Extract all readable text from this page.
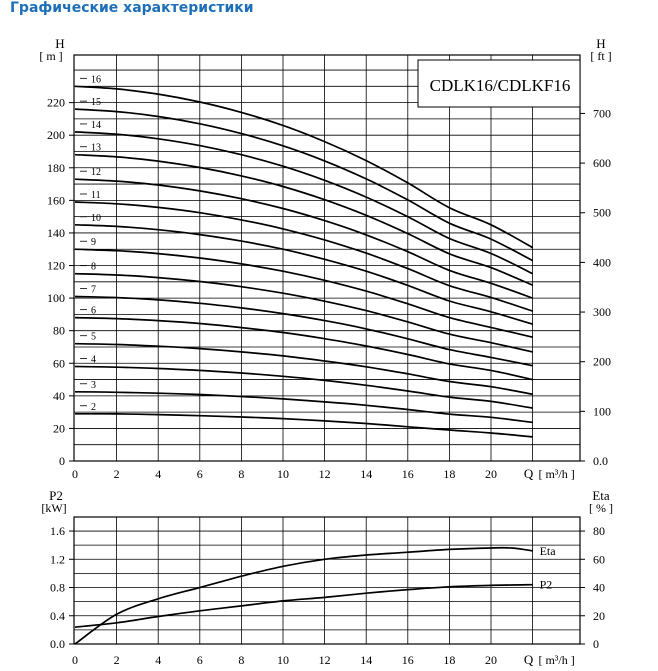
Графические характеристики
0
20
40
60
80
100
120
140
160
180
200
220
0.0
100
200
300
400
500
600
700
0	2	4	6	8	10 12 14 16 18 20 Q [ m³/h ]
H
[ m ]
H
[ ft ]
CDLK16/CDLKF16
2
3
4
5
6
7
8
9
10
11
12
13
14
15
16
0.0
0.4
0.8
1.2
1.6
0
20
40
60
80
0	2	4	6	8	10 12 14 16 18 20 Q [ m³/h ]
P2
[kW]
Eta
[ % ]
Eta
P2
